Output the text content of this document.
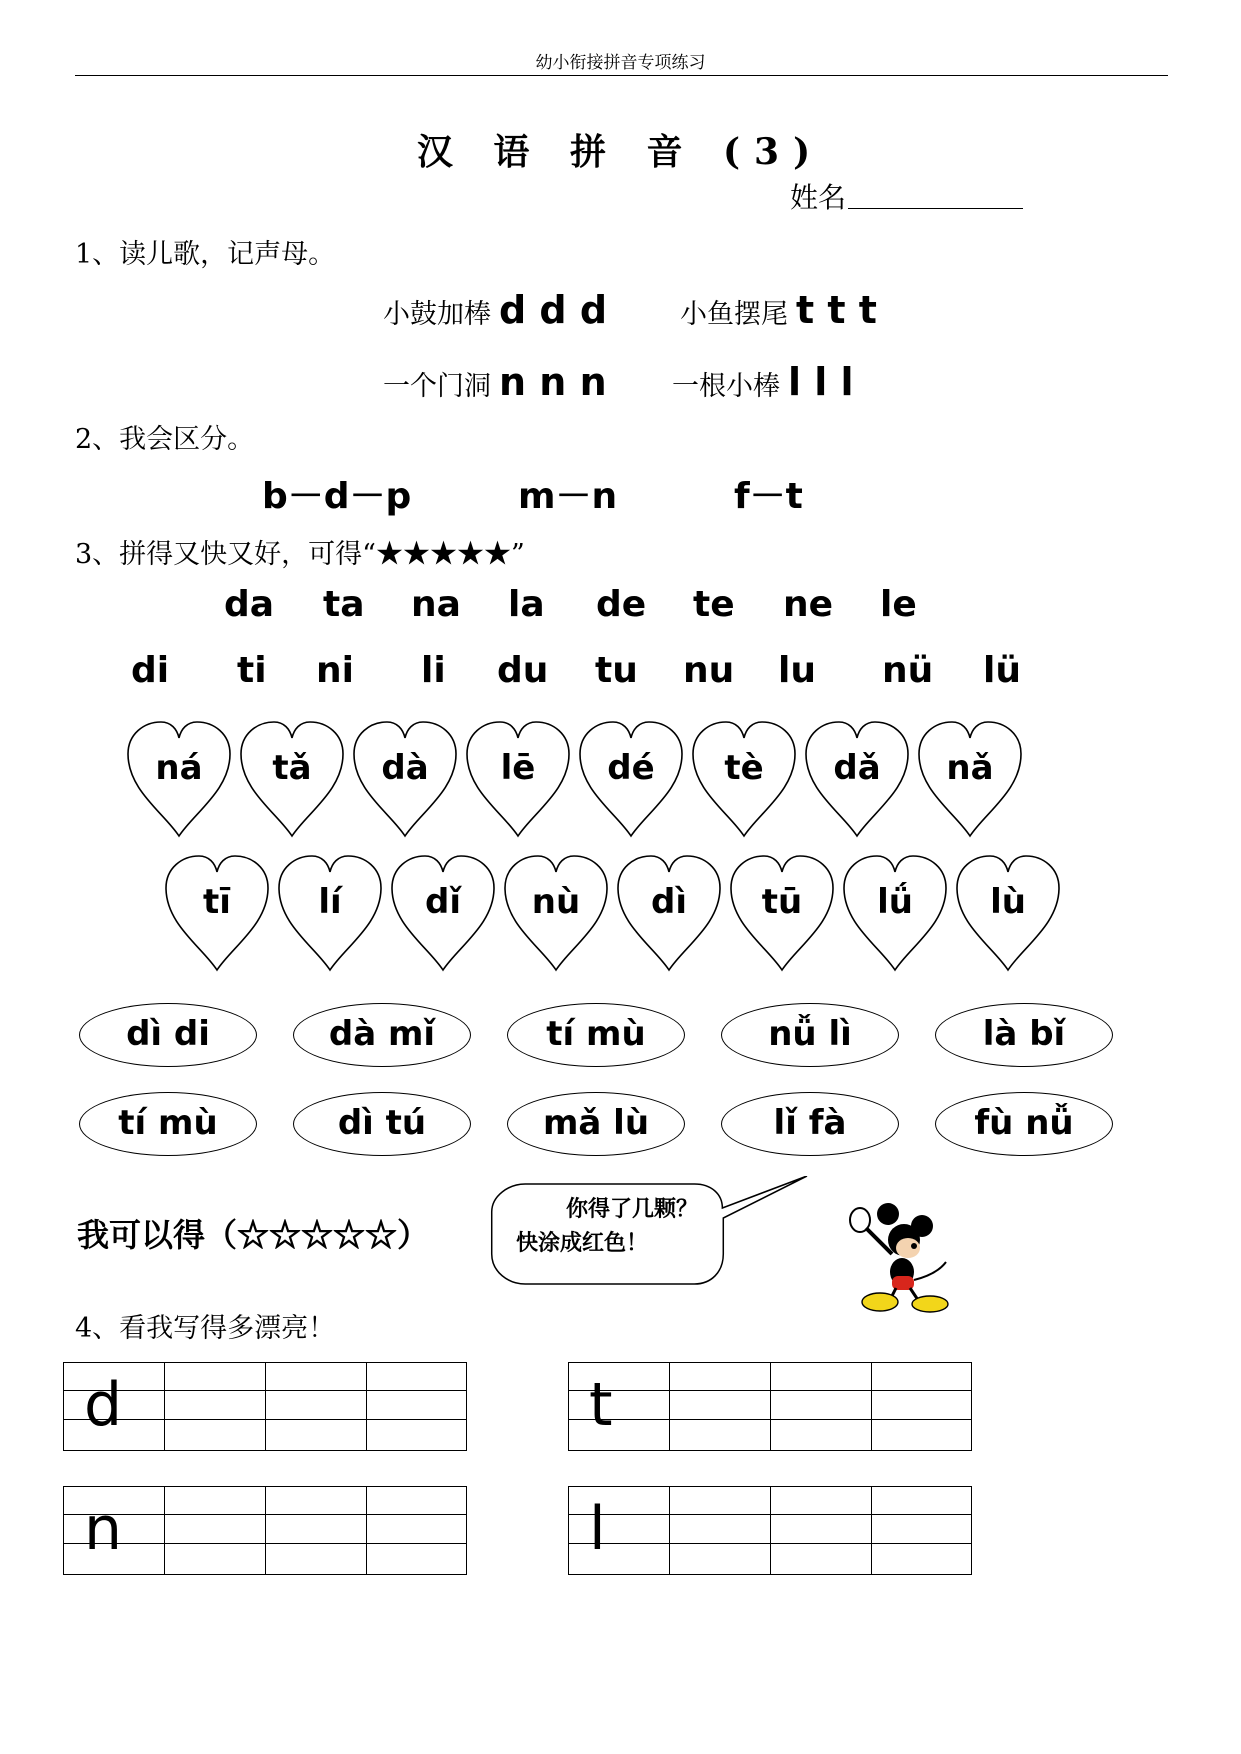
幼小衔接拼音专项练习
汉 语 拼 音 (3)
姓名
1、读儿歌，记声母。
小鼓加棒 d d d	小鱼摆尾 t t t
一个门洞 n n n 一根小棒 l l l
2、我会区分。
b－d－p	m－n	f－t
3、拼得又快又好，可得“★★★★★”
da ta na la de te ne le
di ti ni li du tu nu lu nü lü
ná	tǎ	dà	lē	dé	tè	dǎ	nǎ
tī	lí	dǐ	nù	dì	tū	lǘ	lù
dì di	dà mǐ	tí mù	nǚ lì	là bǐ
tí mù	dì tú	mǎ lù	lǐ fà	fù nǚ
我可以得（☆☆☆☆☆）
你得了几颗？
快涂成红色！
4、看我写得多漂亮！
d	t
n	l
